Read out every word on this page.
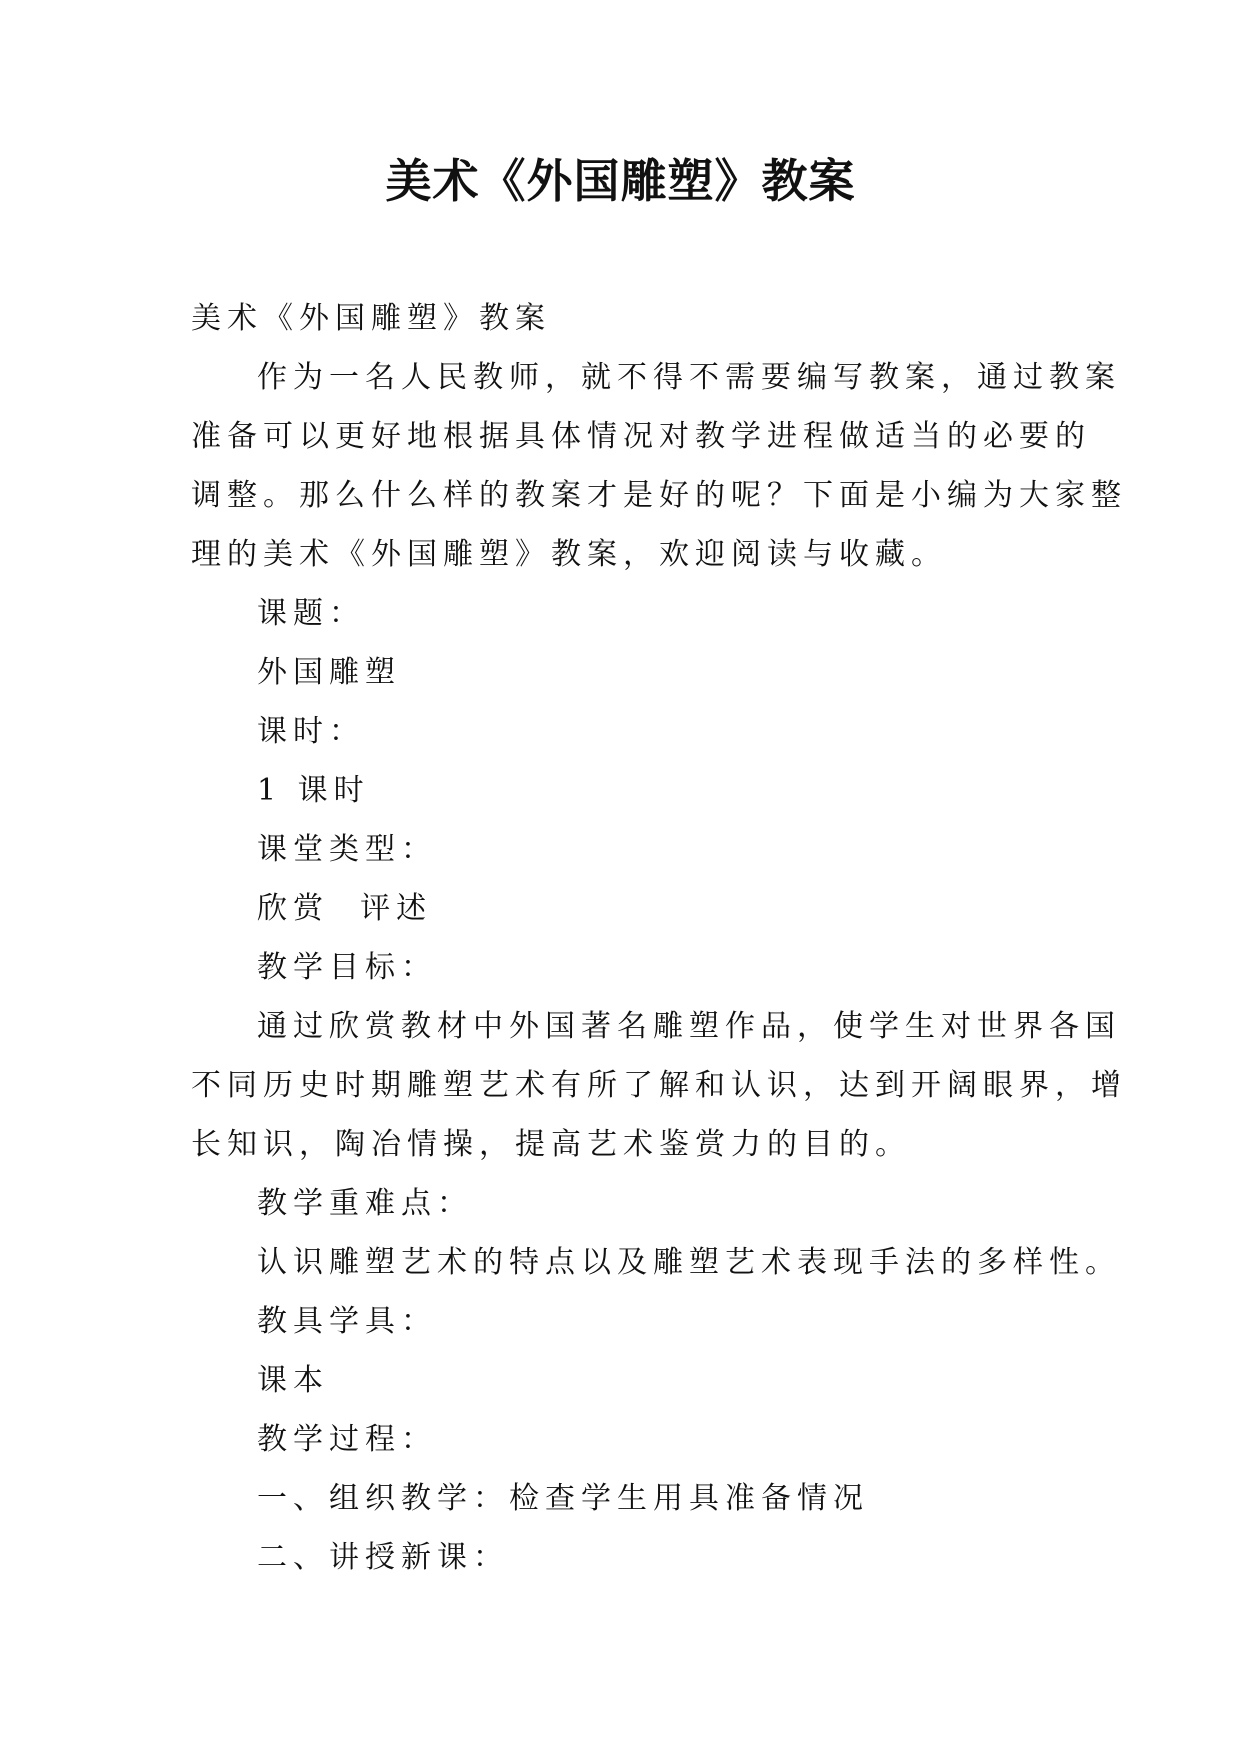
美术《外国雕塑》教案

美术《外国雕塑》教案

作为一名人民教师，就不得不需要编写教案，通过教案

准备可以更好地根据具体情况对教学进程做适当的必要的

调整。那么什么样的教案才是好的呢？下面是小编为大家整

理的美术《外国雕塑》教案，欢迎阅读与收藏。

课题：

外国雕塑

课时：

1 课时

课堂类型：

欣赏  评述

教学目标：

通过欣赏教材中外国著名雕塑作品，使学生对世界各国

不同历史时期雕塑艺术有所了解和认识，达到开阔眼界，增

长知识，陶冶情操，提高艺术鉴赏力的目的。

教学重难点：

认识雕塑艺术的特点以及雕塑艺术表现手法的多样性。

教具学具：

课本

教学过程：

一、组织教学：检查学生用具准备情况

二、讲授新课：
